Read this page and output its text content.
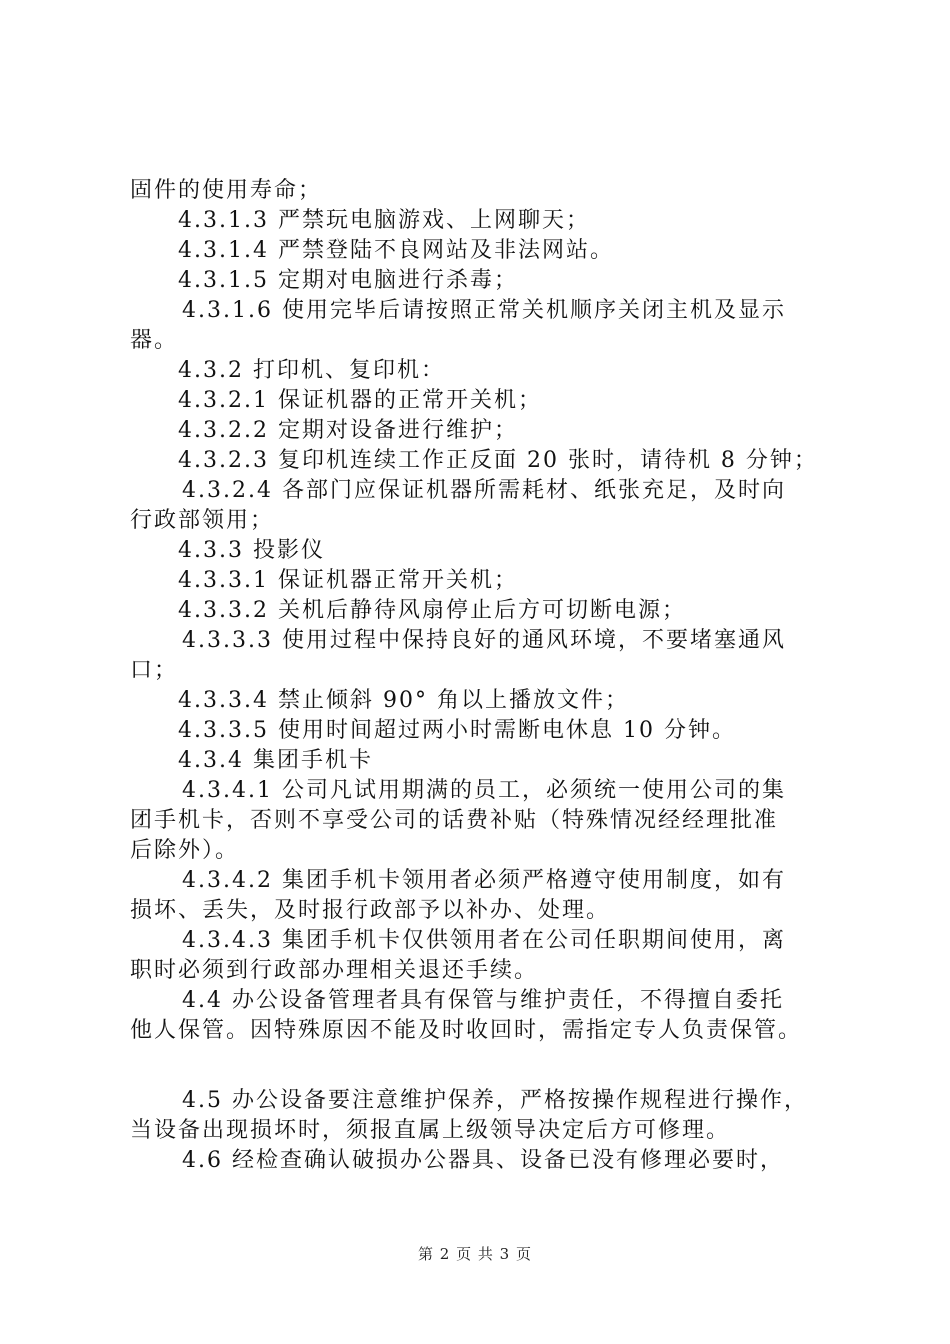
固件的使用寿命；
4.3.1.3 严禁玩电脑游戏、上网聊天；
4.3.1.4 严禁登陆不良网站及非法网站。
4.3.1.5 定期对电脑进行杀毒；
4.3.1.6 使用完毕后请按照正常关机顺序关闭主机及显示
器。
4.3.2 打印机、复印机：
4.3.2.1 保证机器的正常开关机；
4.3.2.2 定期对设备进行维护；
4.3.2.3 复印机连续工作正反面 20 张时，请待机 8 分钟；
4.3.2.4 各部门应保证机器所需耗材、纸张充足，及时向
行政部领用；
4.3.3 投影仪
4.3.3.1 保证机器正常开关机；
4.3.3.2 关机后静待风扇停止后方可切断电源；
4.3.3.3 使用过程中保持良好的通风环境，不要堵塞通风
口；
4.3.3.4 禁止倾斜 90° 角以上播放文件；
4.3.3.5 使用时间超过两小时需断电休息 10 分钟。
4.3.4 集团手机卡
4.3.4.1 公司凡试用期满的员工，必须统一使用公司的集
团手机卡，否则不享受公司的话费补贴（特殊情况经经理批准
后除外）。
4.3.4.2 集团手机卡领用者必须严格遵守使用制度，如有
损坏、丢失，及时报行政部予以补办、处理。
4.3.4.3 集团手机卡仅供领用者在公司任职期间使用，离
职时必须到行政部办理相关退还手续。
4.4 办公设备管理者具有保管与维护责任，不得擅自委托
他人保管。因特殊原因不能及时收回时，需指定专人负责保管。
4.5 办公设备要注意维护保养，严格按操作规程进行操作，
当设备出现损坏时，须报直属上级领导决定后方可修理。
4.6 经检查确认破损办公器具、设备已没有修理必要时，
第 2 页 共 3 页
